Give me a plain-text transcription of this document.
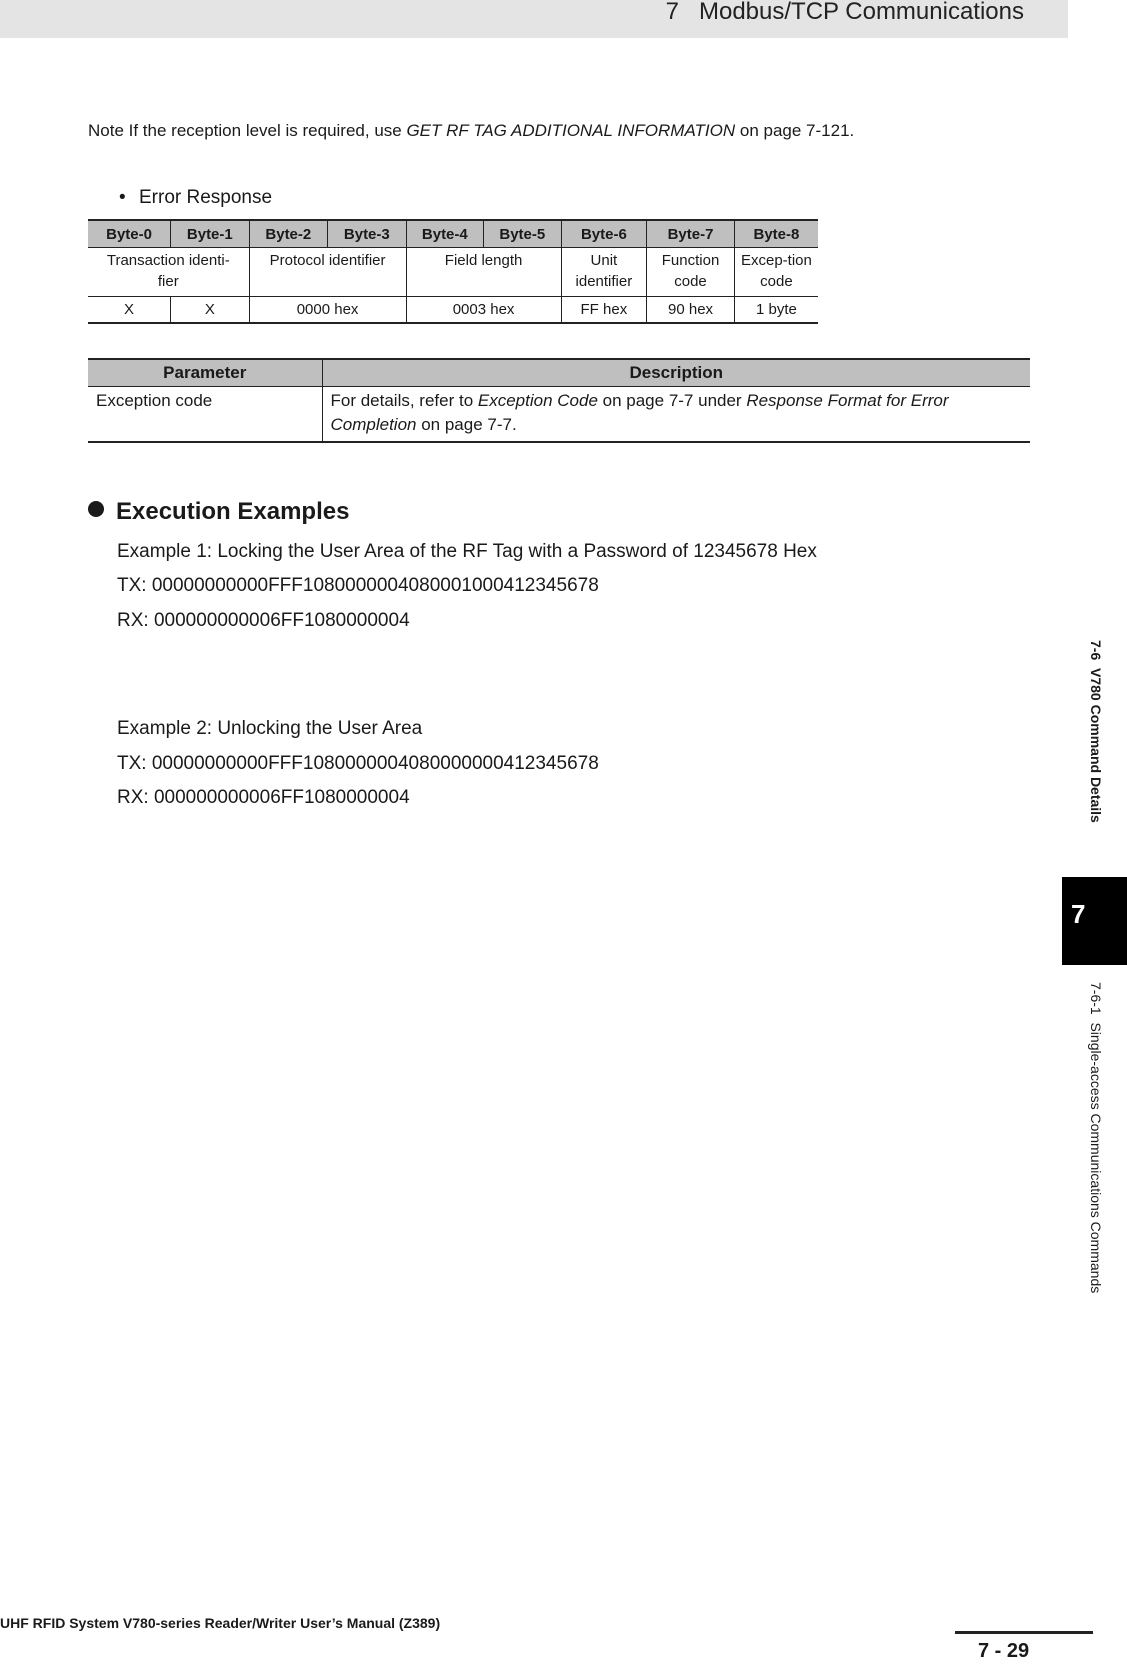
7   Modbus/TCP Communications
Note If the reception level is required, use GET RF TAG ADDITIONAL INFORMATION on page 7-121.
• Error Response
Byte-0	Byte-1	Byte-2	Byte-3	Byte-4	Byte-5	Byte-6	Byte-7	Byte-8
Transaction identi-fier		Protocol identifier		Field length		Unit identifier	Function code	Excep-tion code
X	X	0000 hex		0003 hex		FF hex	90 hex	1 byte
Parameter	Description
Exception code	For details, refer to Exception Code on page 7-7 under Response Format for Error Completion on page 7-7.
Execution Examples
Example 1: Locking the User Area of the RF Tag with a Password of 12345678 Hex
TX: 00000000000FFF1080000004080001000412345678
RX: 000000000006FF1080000004
Example 2: Unlocking the User Area
TX: 00000000000FFF1080000004080000000412345678
RX: 000000000006FF1080000004	7-6  V780 Command Details
7
7-6-1  Single-access Communications Commands
UHF RFID System V780-series Reader/Writer User’s Manual (Z389)
7 - 29
